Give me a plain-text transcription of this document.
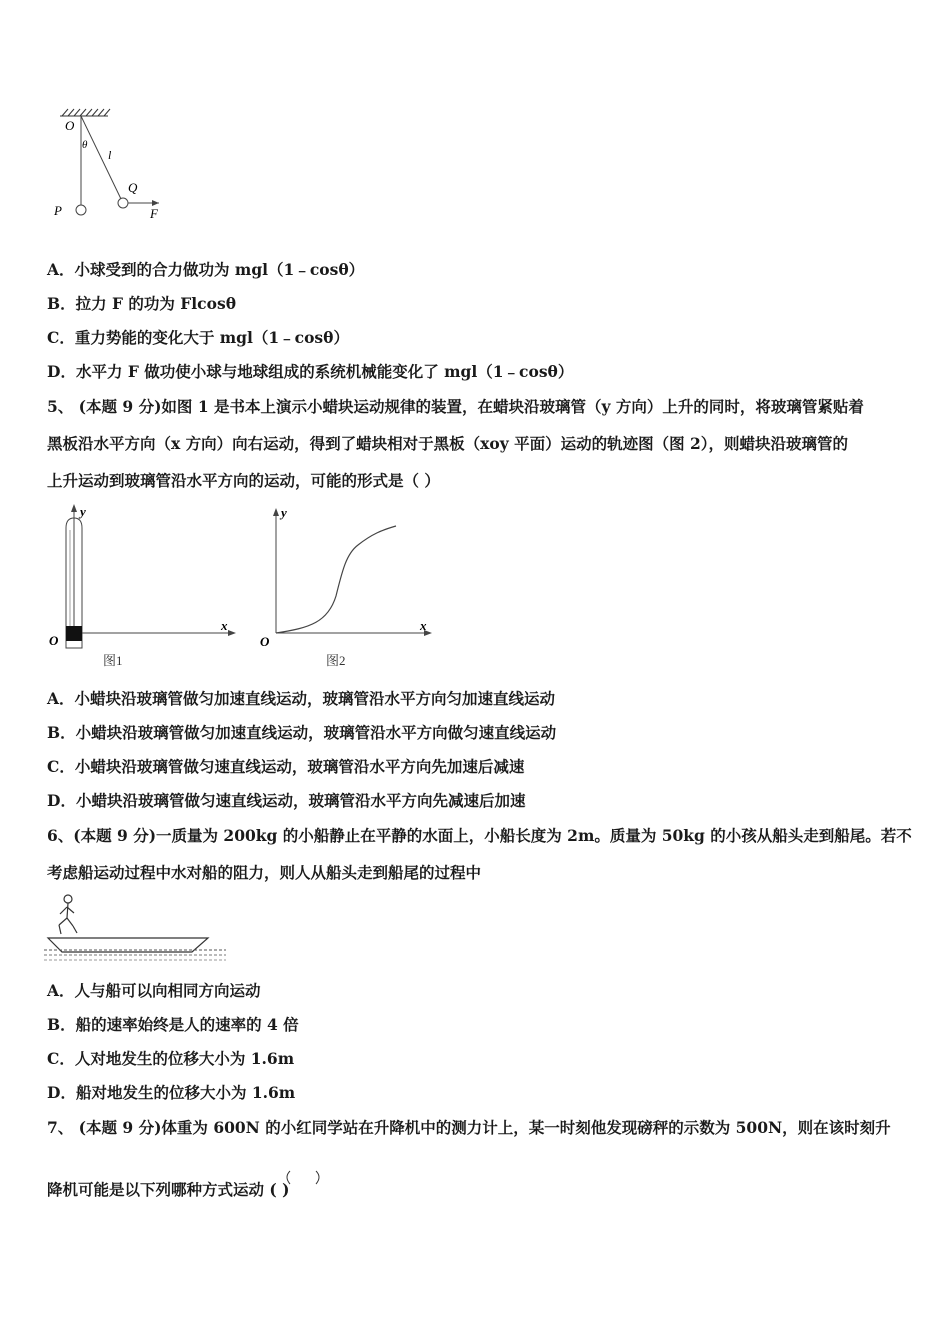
O
θ
l
Q
P	F
A．小球受到的合力做功为 mgl（1﹣cosθ）
B．拉力 F 的功为 Flcosθ
C．重力势能的变化大于 mgl（1﹣cosθ）
D．水平力 F 做功使小球与地球组成的系统机械能变化了 mgl（1﹣cosθ）
5、 (本题 9 分)如图 1 是书本上演示小蜡块运动规律的装置，在蜡块沿玻璃管（y 方向）上升的同时，将玻璃管紧贴着
黑板沿水平方向（x 方向）向右运动，得到了蜡块相对于黑板（xoy 平面）运动的轨迹图（图 2），则蜡块沿玻璃管的
上升运动到玻璃管沿水平方向的运动，可能的形式是（ ）
y
x
O
图1
y
x
O
图2
A．小蜡块沿玻璃管做匀加速直线运动，玻璃管沿水平方向匀加速直线运动
B．小蜡块沿玻璃管做匀加速直线运动，玻璃管沿水平方向做匀速直线运动
C．小蜡块沿玻璃管做匀速直线运动，玻璃管沿水平方向先加速后减速
D．小蜡块沿玻璃管做匀速直线运动，玻璃管沿水平方向先减速后加速
6、(本题 9 分)一质量为 200kg 的小船静止在平静的水面上，小船长度为 2m。质量为 50kg 的小孩从船头走到船尾。若不
考虑船运动过程中水对船的阻力，则人从船头走到船尾的过程中
A．人与船可以向相同方向运动
B．船的速率始终是人的速率的 4 倍
C．人对地发生的位移大小为 1.6m
D．船对地发生的位移大小为 1.6m
7、 (本题 9 分)体重为 600N 的小红同学站在升降机中的测力计上，某一时刻他发现磅秤的示数为 500N，则在该时刻升
降机可能是以下列哪种方式运动 ( )
